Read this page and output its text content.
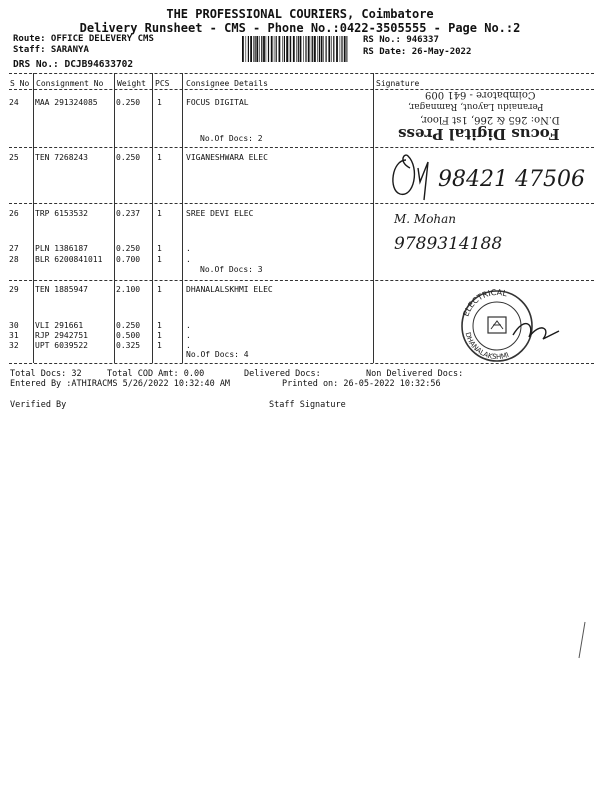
THE PROFESSIONAL COURIERS, Coimbatore
Delivery Runsheet - CMS - Phone No.:0422-3505555 - Page No.:2
Route: OFFICE DELEVERY CMS
Staff: SARANYA
DRS No.: DCJB94633702
RS No.: 946337
RS Date: 26-May-2022
S No Consignment No Weight PCS Consignee Details	Signature
24 MAA 291324085 0.250 1	FOCUS DIGITAL
No.Of Docs: 2
25 TEN 7268243	0.250 1	VIGANESHWARA ELEC
26 TRP 6153532	0.237 1	SREE DEVI ELEC
27 PLN 1386187	0.250 1	.
28 BLR 6200841011 0.700 1	.
No.Of Docs: 3
29 TEN 1885947	2.100 1	DHANALALSKHMI ELEC
30 VLI 291661	0.250 1	.
31 RJP 2942751	0.500 1	.
32 UPT 6039522	0.325 1	.
No.Of Docs: 4
Coimbatore - 641 009
Peranaidu Layout, Ramnagar,
D.No: 265 & 266, 1st Floor,
Focus Digital Press
98421 47506
M. Mohan
9789314188
ELECTRICAL
DHANALAKSHMI
Total Docs: 32	Total COD Amt: 0.00	Delivered Docs:	Non Delivered Docs:
Entered By :ATHIRACMS 5/26/2022 10:32:40 AM	Printed on: 26-05-2022 10:32:56
Verified By	Staff Signature
